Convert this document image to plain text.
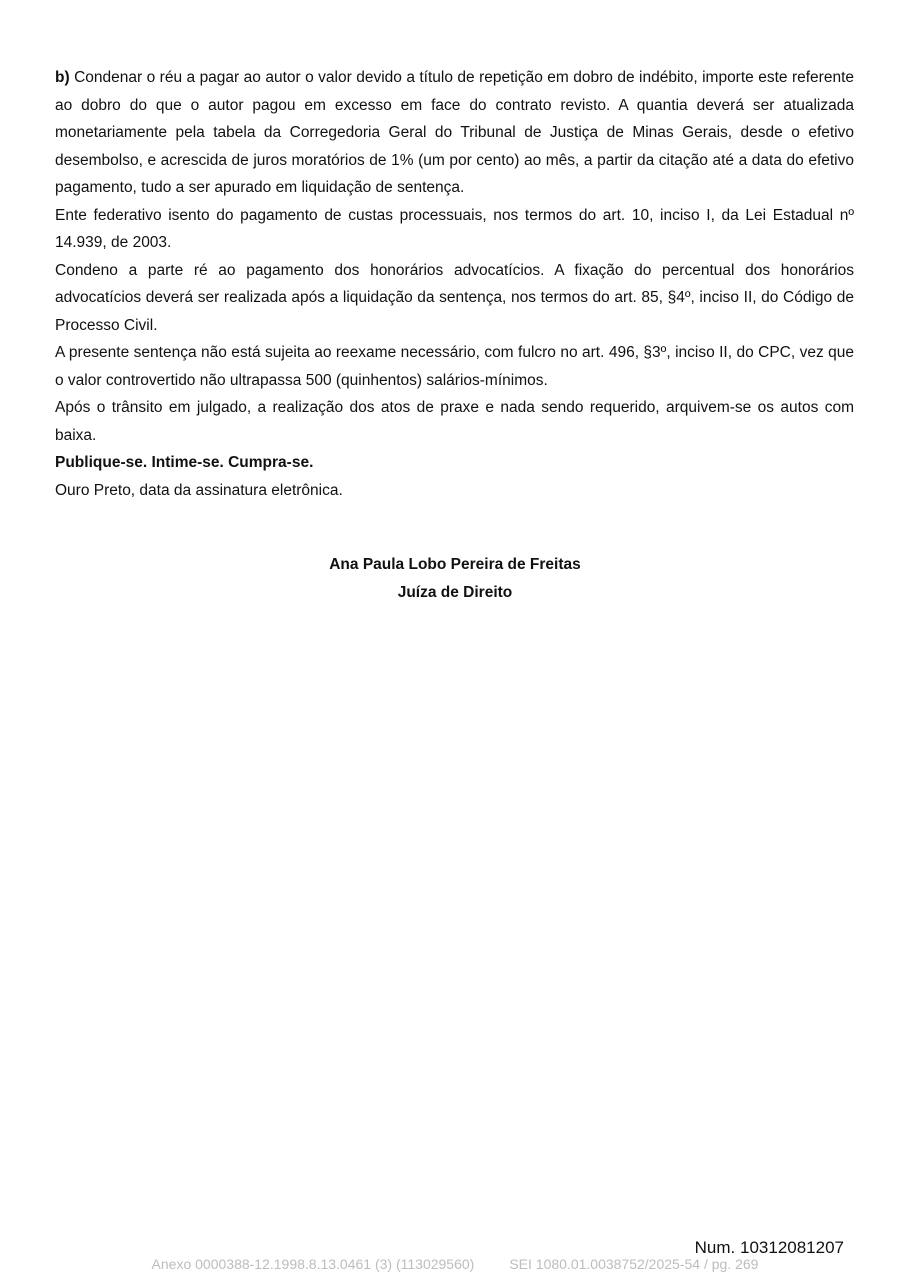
b) Condenar o réu a pagar ao autor o valor devido a título de repetição em dobro de indébito, importe este referente ao dobro do que o autor pagou em excesso em face do contrato revisto. A quantia deverá ser atualizada monetariamente pela tabela da Corregedoria Geral do Tribunal de Justiça de Minas Gerais, desde o efetivo desembolso, e acrescida de juros moratórios de 1% (um por cento) ao mês, a partir da citação até a data do efetivo pagamento, tudo a ser apurado em liquidação de sentença.

Ente federativo isento do pagamento de custas processuais, nos termos do art. 10, inciso I, da Lei Estadual nº 14.939, de 2003.

Condeno a parte ré ao pagamento dos honorários advocatícios. A fixação do percentual dos honorários advocatícios deverá ser realizada após a liquidação da sentença, nos termos do art. 85, §4º, inciso II, do Código de Processo Civil.

A presente sentença não está sujeita ao reexame necessário, com fulcro no art. 496, §3º, inciso II, do CPC, vez que o valor controvertido não ultrapassa 500 (quinhentos) salários-mínimos.

Após o trânsito em julgado, a realização dos atos de praxe e nada sendo requerido, arquivem-se os autos com baixa.

Publique-se. Intime-se. Cumpra-se.

Ouro Preto, data da assinatura eletrônica.

Ana Paula Lobo Pereira de Freitas
Juíza de Direito
Num. 10312081207
Anexo 0000388-12.1998.8.13.0461 (3) (113029560)         SEI 1080.01.0038752/2025-54 / pg. 269
